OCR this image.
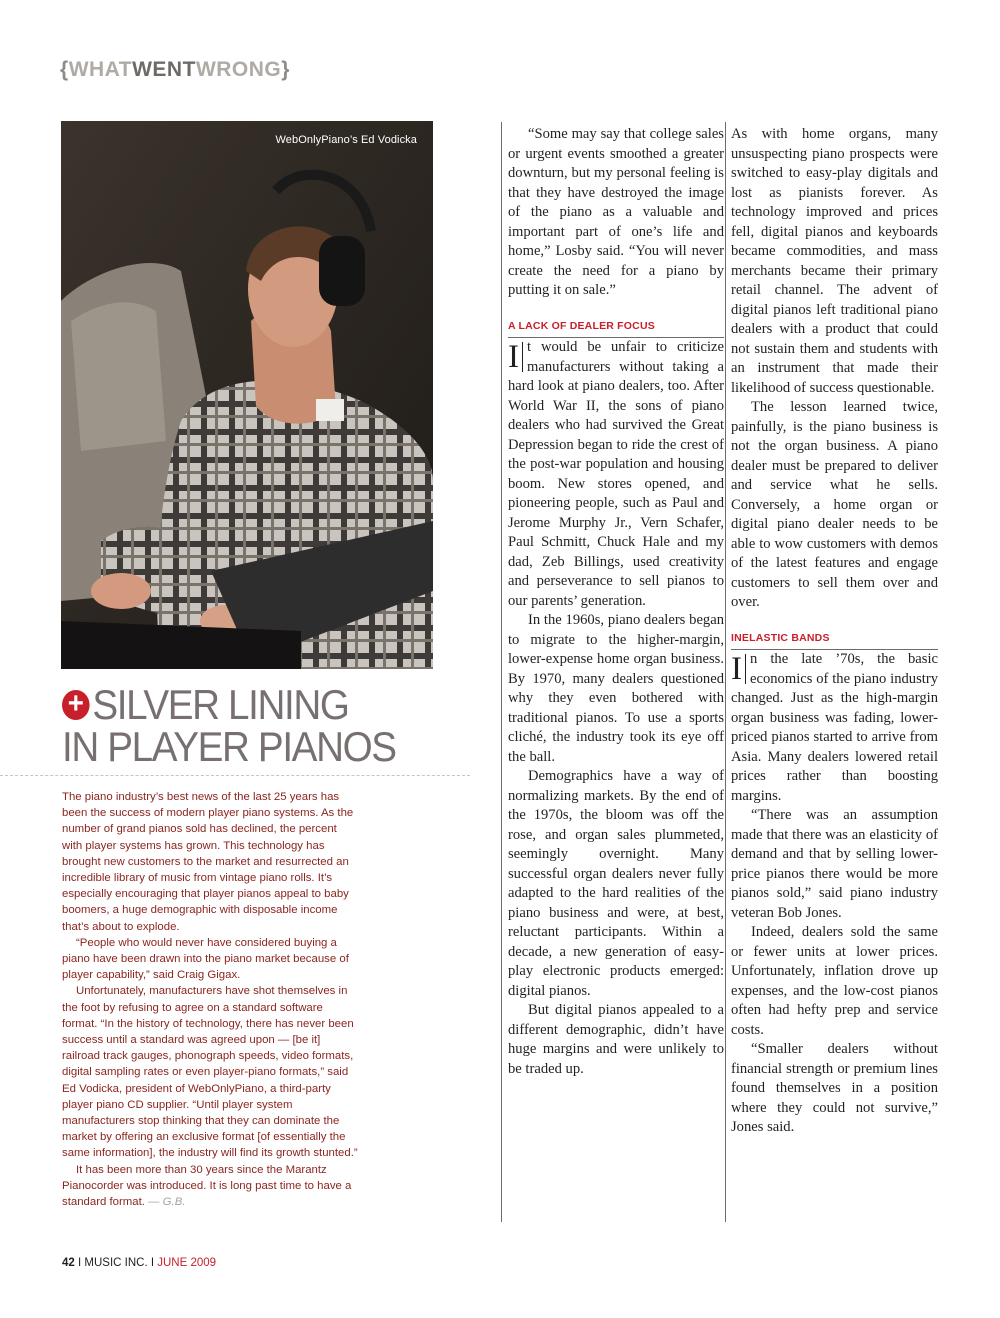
{WHATWENTWRONG}
WebOnlyPiano’s Ed Vodicka
+ SILVER LINING
IN PLAYER PIANOS

The piano industry’s best news of the last 25 years has been the success of modern player piano systems. As the number of grand pianos sold has declined, the percent with player systems has grown. This technology has brought new customers to the market and resurrected an incredible library of music from vintage piano rolls. It’s especially encouraging that player pianos appeal to baby boomers, a huge demographic with disposable income that’s about to explode.

“People who would never have considered buying a piano have been drawn into the piano market because of player capability,” said Craig Gigax.

Unfortunately, manufacturers have shot themselves in the foot by refusing to agree on a standard software format. “In the history of technology, there has never been success until a standard was agreed upon — [be it] railroad track gauges, phonograph speeds, video formats, digital sampling rates or even player-piano formats,” said Ed Vodicka, president of WebOnlyPiano, a third-party player piano CD supplier. “Until player system manufacturers stop thinking that they can dominate the market by offering an exclusive format [of essentially the same information], the industry will find its growth stunted.”

It has been more than 30 years since the Marantz Pianocorder was introduced. It is long past time to have a standard format. — G.B.

“Some may say that college sales or urgent events smoothed a greater downturn, but my personal feeling is that they have destroyed the image of the piano as a valuable and important part of one’s life and home,” Losby said. “You will never create the need for a piano by putting it on sale.”

A LACK OF DEALER FOCUS

I t would be unfair to criticize manufacturers without taking a hard look at piano dealers, too. After World War II, the sons of piano dealers who had survived the Great Depression began to ride the crest of the post-war population and housing boom. New stores opened, and pioneering people, such as Paul and Jerome Murphy Jr., Vern Schafer, Paul Schmitt, Chuck Hale and my dad, Zeb Billings, used creativity and perseverance to sell pianos to our parents’ generation.

In the 1960s, piano dealers began to migrate to the higher-margin, lower-expense home organ business. By 1970, many dealers questioned why they even bothered with traditional pianos. To use a sports cliché, the industry took its eye off the ball.

Demographics have a way of normalizing markets. By the end of the 1970s, the bloom was off the rose, and organ sales plummeted, seemingly overnight. Many successful organ dealers never fully adapted to the hard realities of the piano business and were, at best, reluctant participants. Within a decade, a new generation of easy-play electronic products emerged: digital pianos.

But digital pianos appealed to a different demographic, didn’t have huge margins and were unlikely to be traded up.

As with home organs, many unsuspecting piano prospects were switched to easy-play digitals and lost as pianists forever. As technology improved and prices fell, digital pianos and keyboards became commodities, and mass merchants became their primary retail channel. The advent of digital pianos left traditional piano dealers with a product that could not sustain them and students with an instrument that made their likelihood of success questionable.

The lesson learned twice, painfully, is the piano business is not the organ business. A piano dealer must be prepared to deliver and service what he sells. Conversely, a home organ or digital piano dealer needs to be able to wow customers with demos of the latest features and engage customers to sell them over and over.

INELASTIC BANDS

I n the late ’70s, the basic economics of the piano industry changed. Just as the high-margin organ business was fading, lower-priced pianos started to arrive from Asia. Many dealers lowered retail prices rather than boosting margins.

“There was an assumption made that there was an elasticity of demand and that by selling lower-price pianos there would be more pianos sold,” said piano industry veteran Bob Jones.

Indeed, dealers sold the same or fewer units at lower prices. Unfortunately, inflation drove up expenses, and the low-cost pianos often had hefty prep and service costs.

“Smaller dealers without financial strength or premium lines found themselves in a position where they could not survive,” Jones said.

42 I MUSIC INC. I JUNE 2009
